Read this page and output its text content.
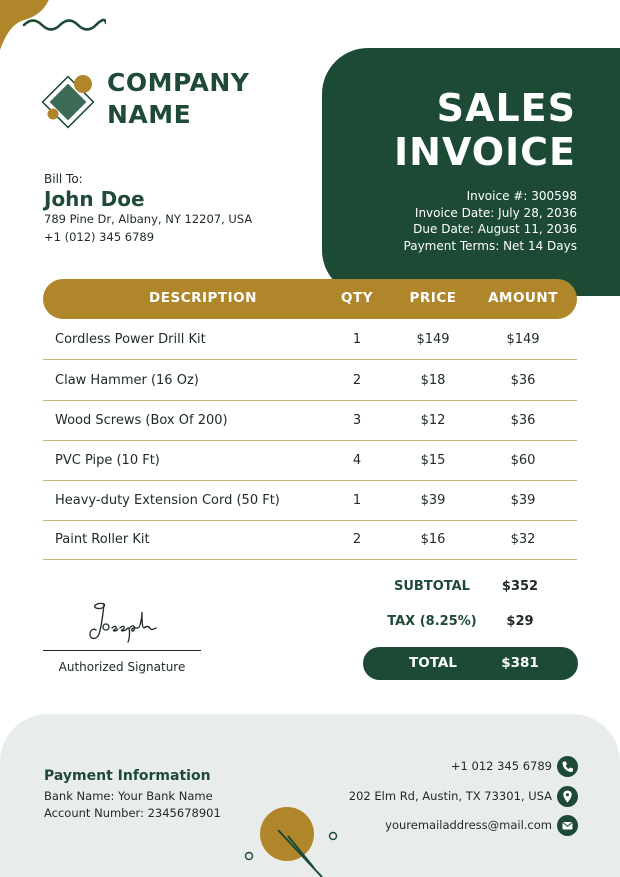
COMPANY
NAME	SALES
INVOICE
Invoice #: 300598
Invoice Date: July 28, 2036
Due Date: August 11, 2036
Payment Terms: Net 14 Days
Bill To:
John Doe
789 Pine Dr, Albany, NY 12207, USA
+1 (012) 345 6789
DESCRIPTION	QTY	PRICE	AMOUNT
Cordless Power Drill Kit	1	$149	$149
Claw Hammer (16 Oz)	2	$18	$36
Wood Screws (Box Of 200)	3	$12	$36
PVC Pipe (10 Ft)	4	$15	$60
Heavy-duty Extension Cord (50 Ft)	1	$39	$39
Paint Roller Kit	2	$16	$32
SUBTOTAL	$352
TAX (8.25%)	$29
TOTAL	$381
Authorized Signature
Payment Information
Bank Name: Your Bank Name
Account Number: 2345678901
+1 012 345 6789
202 Elm Rd, Austin, TX 73301, USA
youremailaddress@mail.com
